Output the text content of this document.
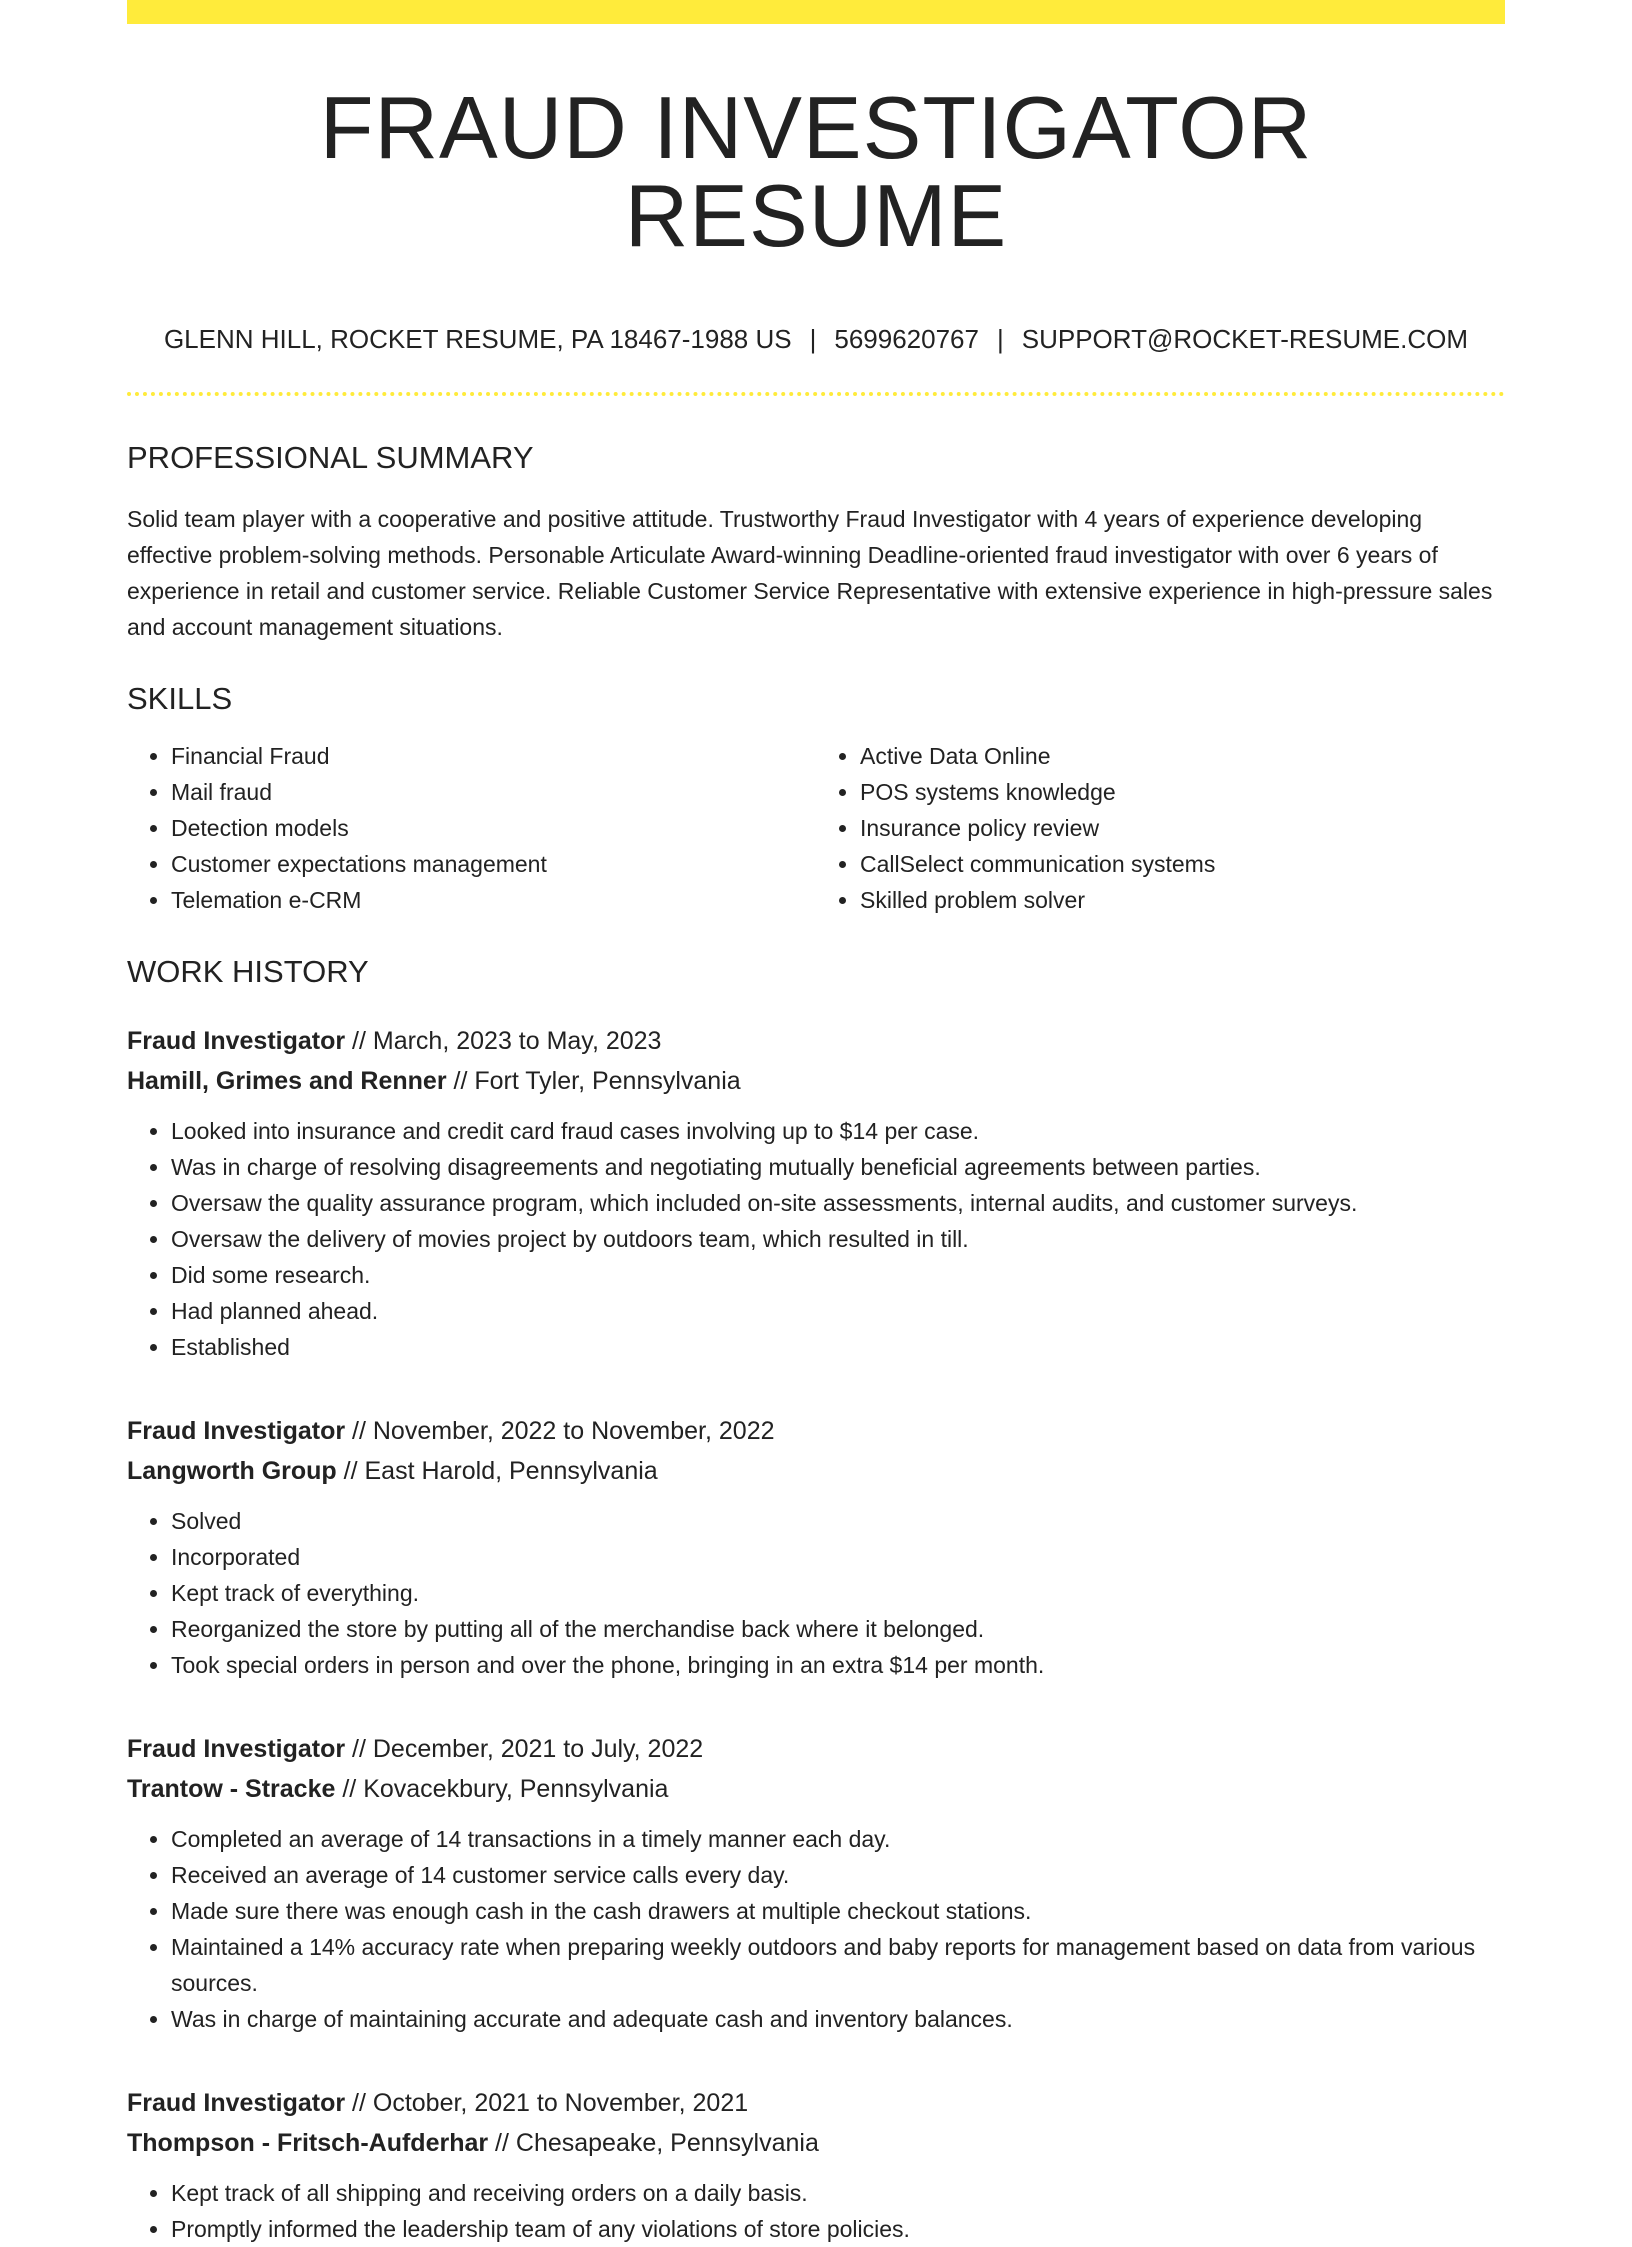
FRAUD INVESTIGATOR RESUME
GLENN HILL, ROCKET RESUME, PA 18467-1988 US | 5699620767 | SUPPORT@ROCKET-RESUME.COM
PROFESSIONAL SUMMARY

Solid team player with a cooperative and positive attitude. Trustworthy Fraud Investigator with 4 years of experience developing effective problem-solving methods. Personable Articulate Award-winning Deadline-oriented fraud investigator with over 6 years of experience in retail and customer service. Reliable Customer Service Representative with extensive experience in high-pressure sales and account management situations.

SKILLS
• Financial Fraud
• Mail fraud
• Detection models
• Customer expectations management
• Telemation e-CRM
• Active Data Online
• POS systems knowledge
• Insurance policy review
• CallSelect communication systems
• Skilled problem solver
WORK HISTORY
Fraud Investigator // March, 2023 to May, 2023
Hamill, Grimes and Renner // Fort Tyler, Pennsylvania
• Looked into insurance and credit card fraud cases involving up to $14 per case.
• Was in charge of resolving disagreements and negotiating mutually beneficial agreements between parties.
• Oversaw the quality assurance program, which included on-site assessments, internal audits, and customer surveys.
• Oversaw the delivery of movies project by outdoors team, which resulted in till.
• Did some research.
• Had planned ahead.
• Established
Fraud Investigator // November, 2022 to November, 2022
Langworth Group // East Harold, Pennsylvania
• Solved
• Incorporated
• Kept track of everything.
• Reorganized the store by putting all of the merchandise back where it belonged.
• Took special orders in person and over the phone, bringing in an extra $14 per month.
Fraud Investigator // December, 2021 to July, 2022
Trantow - Stracke // Kovacekbury, Pennsylvania
• Completed an average of 14 transactions in a timely manner each day.
• Received an average of 14 customer service calls every day.
• Made sure there was enough cash in the cash drawers at multiple checkout stations.
• Maintained a 14% accuracy rate when preparing weekly outdoors and baby reports for management based on data from various sources.
• Was in charge of maintaining accurate and adequate cash and inventory balances.
Fraud Investigator // October, 2021 to November, 2021
Thompson - Fritsch-Aufderhar // Chesapeake, Pennsylvania
• Kept track of all shipping and receiving orders on a daily basis.
• Promptly informed the leadership team of any violations of store policies.
